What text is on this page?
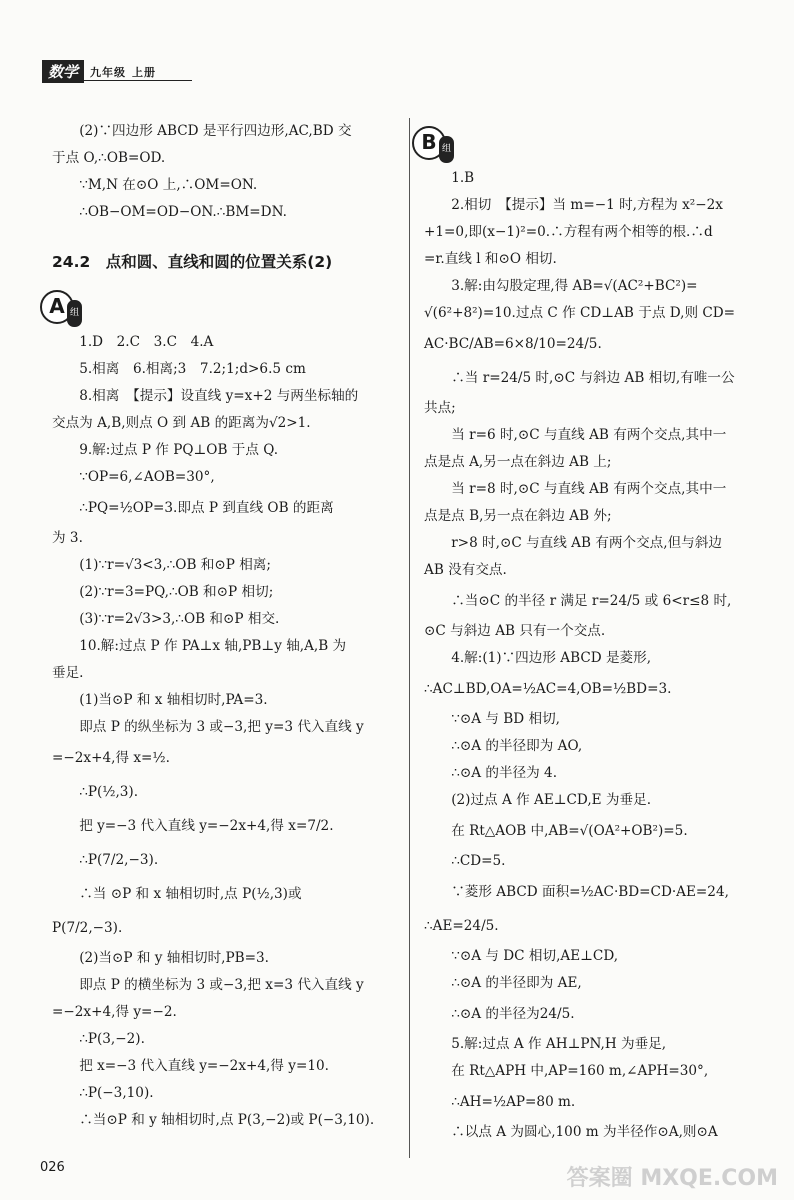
数学	九年级 上册
(2)∵四边形 ABCD 是平行四边形,AC,BD 交
于点 O,∴OB=OD.
∵M,N 在⊙O 上,∴OM=ON.
∴OB−OM=OD−ON.∴BM=DN.
24.2　点和圆、直线和圆的位置关系(2)
A 组
1.D　2.C　3.C　4.A
5.相离　6.相离;3　7.2;1;d>6.5 cm
8.相离　【提示】设直线 y=x+2 与两坐标轴的
交点为 A,B,则点 O 到 AB 的距离为√2>1.
9.解:过点 P 作 PQ⊥OB 于点 Q.
∵OP=6,∠AOB=30°,
∴PQ=½OP=3.即点 P 到直线 OB 的距离
为 3.
(1)∵r=√3<3,∴OB 和⊙P 相离;
(2)∵r=3=PQ,∴OB 和⊙P 相切;
(3)∵r=2√3>3,∴OB 和⊙P 相交.
10.解:过点 P 作 PA⊥x 轴,PB⊥y 轴,A,B 为
垂足.
(1)当⊙P 和 x 轴相切时,PA=3.
即点 P 的纵坐标为 3 或−3,把 y=3 代入直线 y
=−2x+4,得 x=½.
∴P(½,3).
把 y=−3 代入直线 y=−2x+4,得 x=7/2.
∴P(7/2,−3).
∴当 ⊙P 和 x 轴相切时,点 P(½,3)或
P(7/2,−3).
(2)当⊙P 和 y 轴相切时,PB=3.
即点 P 的横坐标为 3 或−3,把 x=3 代入直线 y
=−2x+4,得 y=−2.
∴P(3,−2).
把 x=−3 代入直线 y=−2x+4,得 y=10.
∴P(−3,10).
∴当⊙P 和 y 轴相切时,点 P(3,−2)或 P(−3,10).
B 组
1.B
2.相切　【提示】当 m=−1 时,方程为 x²−2x
+1=0,即(x−1)²=0.∴方程有两个相等的根.∴d
=r.直线 l 和⊙O 相切.
3.解:由勾股定理,得 AB=√(AC²+BC²)=
√(6²+8²)=10.过点 C 作 CD⊥AB 于点 D,则 CD=
AC·BC/AB=6×8/10=24/5.
∴当 r=24/5 时,⊙C 与斜边 AB 相切,有唯一公
共点;
当 r=6 时,⊙C 与直线 AB 有两个交点,其中一
点是点 A,另一点在斜边 AB 上;
当 r=8 时,⊙C 与直线 AB 有两个交点,其中一
点是点 B,另一点在斜边 AB 外;
r>8 时,⊙C 与直线 AB 有两个交点,但与斜边
AB 没有交点.
∴当⊙C 的半径 r 满足 r=24/5 或 6<r≤8 时,
⊙C 与斜边 AB 只有一个交点.
4.解:(1)∵四边形 ABCD 是菱形,
∴AC⊥BD,OA=½AC=4,OB=½BD=3.
∵⊙A 与 BD 相切,
∴⊙A 的半径即为 AO,
∴⊙A 的半径为 4.
(2)过点 A 作 AE⊥CD,E 为垂足.
在 Rt△AOB 中,AB=√(OA²+OB²)=5.
∴CD=5.
∵菱形 ABCD 面积=½AC·BD=CD·AE=24,
∴AE=24/5.
∵⊙A 与 DC 相切,AE⊥CD,
∴⊙A 的半径即为 AE,
∴⊙A 的半径为24/5.
5.解:过点 A 作 AH⊥PN,H 为垂足,
在 Rt△APH 中,AP=160 m,∠APH=30°,
∴AH=½AP=80 m.
∴以点 A 为圆心,100 m 为半径作⊙A,则⊙A
026	答案圈 MXQE.COM
